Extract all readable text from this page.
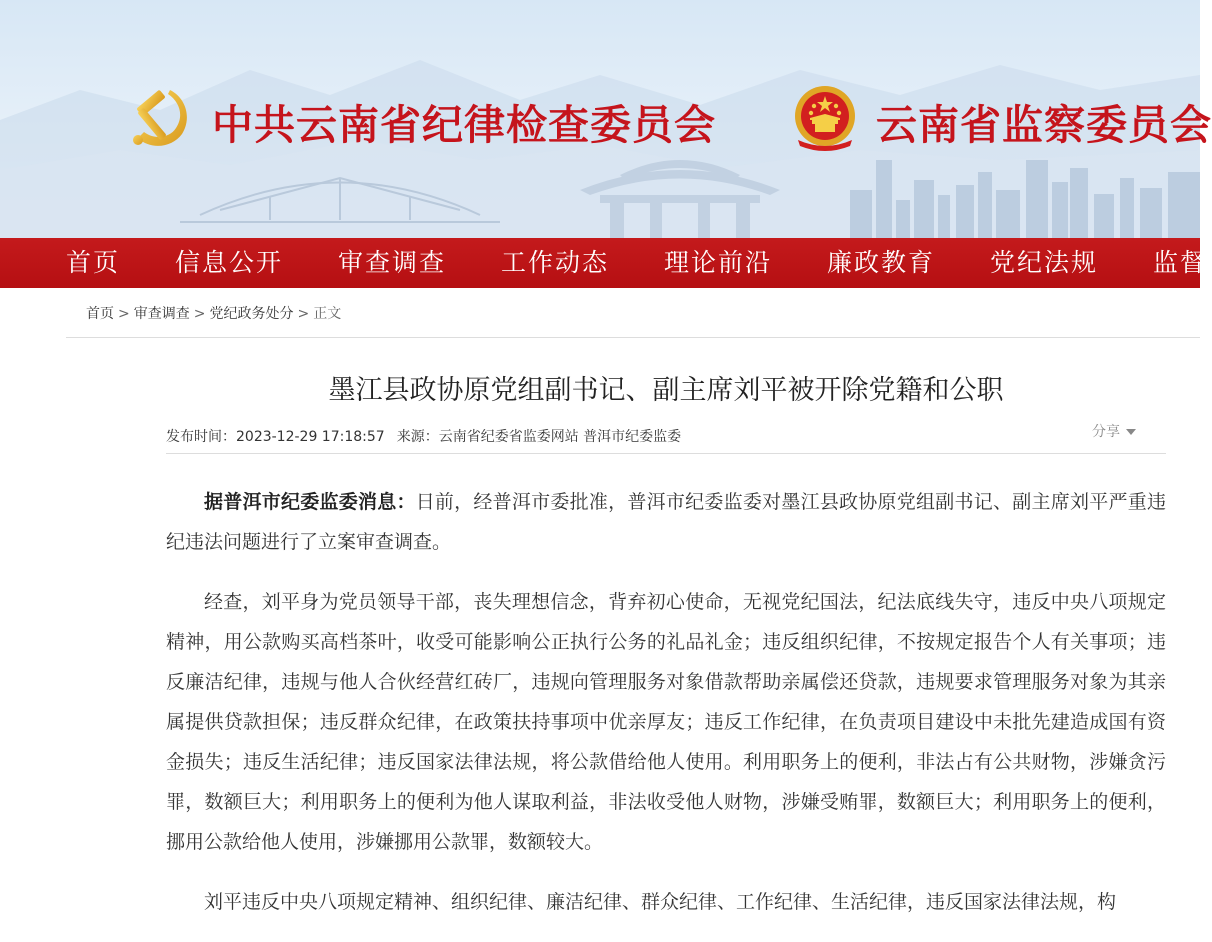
中共云南省纪律检查委员会	云南省监察委员会
首页 信息公开 审查调查 工作动态 理论前沿 廉政教育 党纪法规 监督
首页 > 审查调查 > 党纪政务处分 > 正文
墨江县政协原党组副书记、副主席刘平被开除党籍和公职
发布时间：2023-12-29 17:18:57 来源：云南省纪委省监委网站 普洱市纪委监委	分享

据普洱市纪委监委消息：日前，经普洱市委批准，普洱市纪委监委对墨江县政协原党组副书记、副主席刘平严重违纪违法问题进行了立案审查调查。

经查，刘平身为党员领导干部，丧失理想信念，背弃初心使命，无视党纪国法，纪法底线失守，违反中央八项规定精神，用公款购买高档茶叶，收受可能影响公正执行公务的礼品礼金；违反组织纪律，不按规定报告个人有关事项；违反廉洁纪律，违规与他人合伙经营红砖厂，违规向管理服务对象借款帮助亲属偿还贷款，违规要求管理服务对象为其亲属提供贷款担保；违反群众纪律，在政策扶持事项中优亲厚友；违反工作纪律，在负责项目建设中未批先建造成国有资金损失；违反生活纪律；违反国家法律法规，将公款借给他人使用。利用职务上的便利，非法占有公共财物，涉嫌贪污罪，数额巨大；利用职务上的便利为他人谋取利益，非法收受他人财物，涉嫌受贿罪，数额巨大；利用职务上的便利，挪用公款给他人使用，涉嫌挪用公款罪，数额较大。

刘平违反中央八项规定精神、组织纪律、廉洁纪律、群众纪律、工作纪律、生活纪律，违反国家法律法规，构
